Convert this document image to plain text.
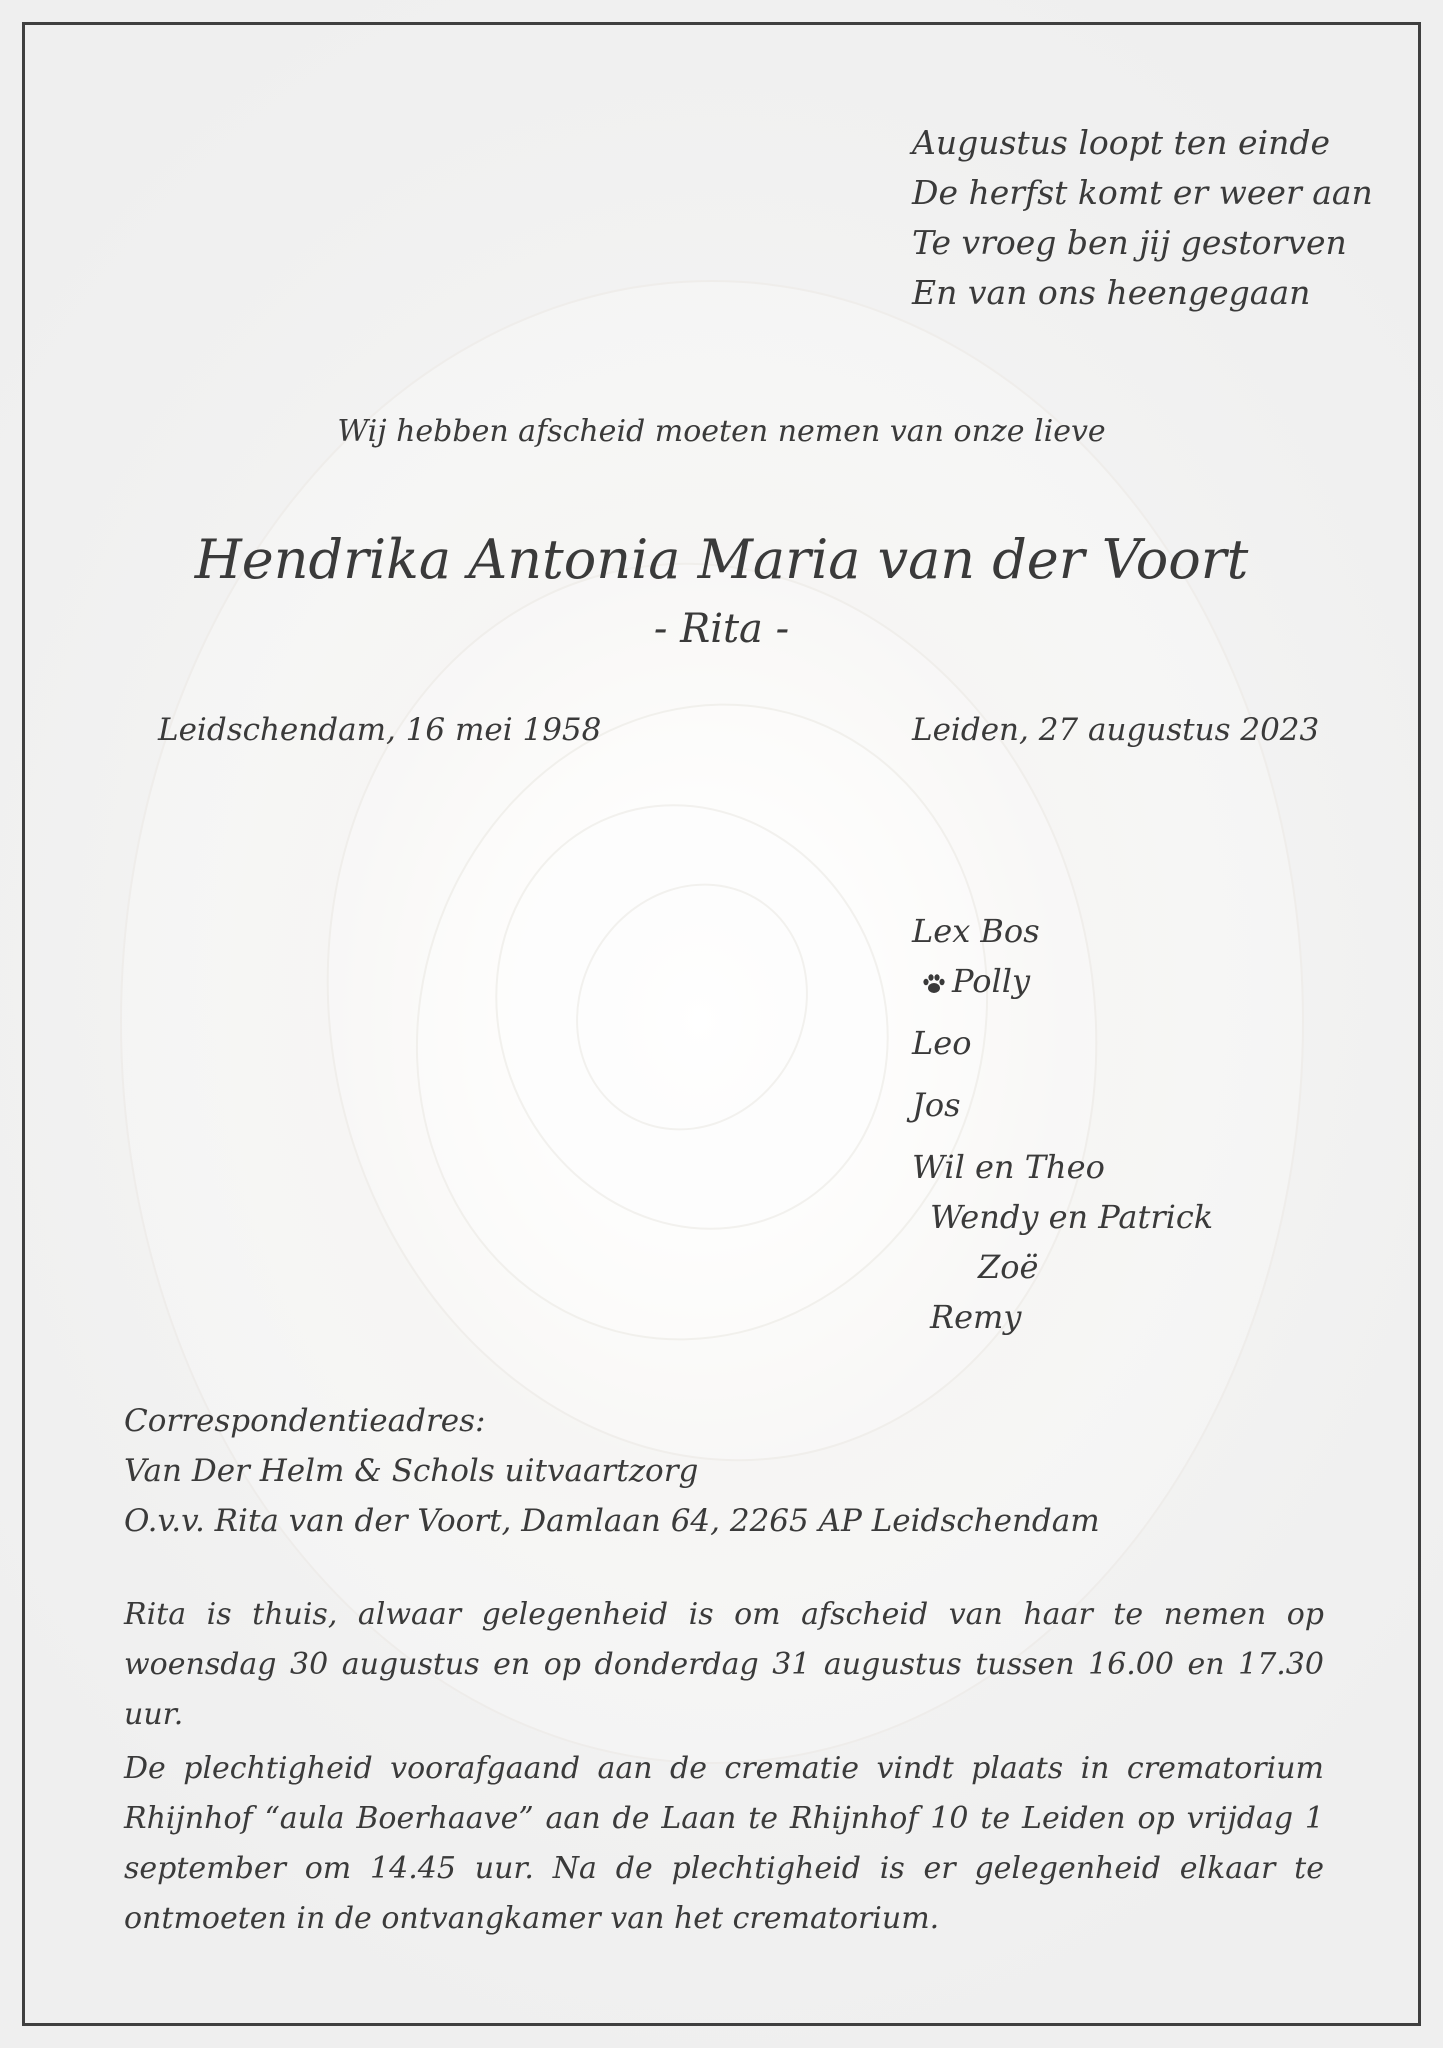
Augustus loopt ten einde
De herfst komt er weer aan
Te vroeg ben jij gestorven
En van ons heengegaan
Wij hebben afscheid moeten nemen van onze lieve
Hendrika Antonia Maria van der Voort
- Rita -
Leidschendam, 16 mei 1958	Leiden, 27 augustus 2023
Lex Bos
Polly
Leo
Jos
Wil en Theo
Wendy en Patrick
Zoë
Remy
Correspondentieadres:
Van Der Helm & Schols uitvaartzorg
O.v.v. Rita van der Voort, Damlaan 64, 2265 AP Leidschendam
Rita is thuis, alwaar gelegenheid is om afscheid van haar te nemen op woensdag 30 augustus en op donderdag 31 augustus tussen 16.00 en 17.30 uur.
De plechtigheid voorafgaand aan de crematie vindt plaats in crematorium Rhijnhof “aula Boerhaave” aan de Laan te Rhijnhof 10 te Leiden op vrijdag 1 september om 14.45 uur. Na de plechtigheid is er gelegenheid elkaar te ontmoeten in de ontvangkamer van het crematorium.
